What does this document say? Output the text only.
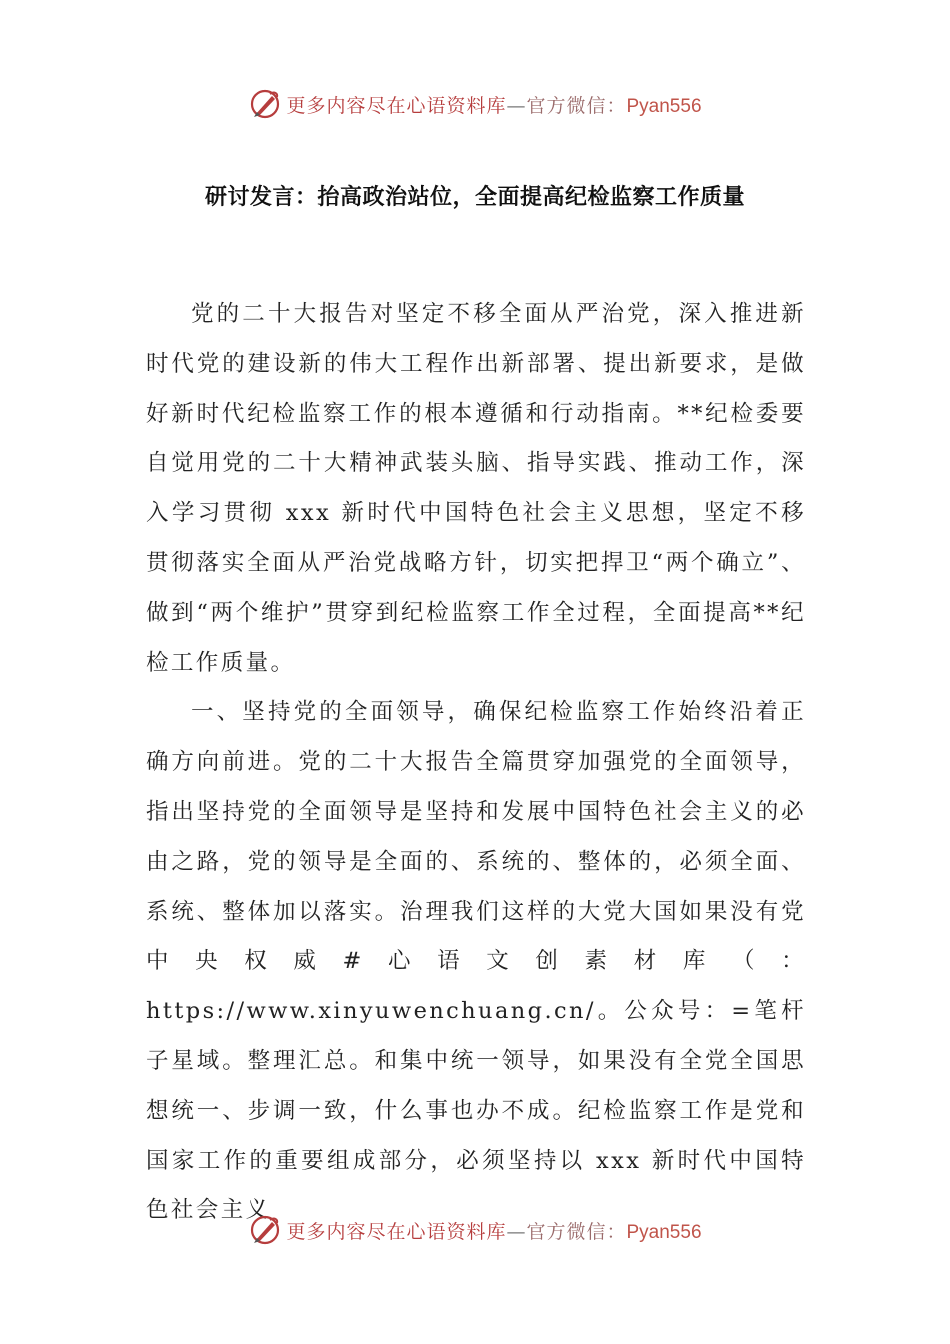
更多内容尽在心语资料库—官方微信：Pyan556
研讨发言：抬高政治站位，全面提高纪检监察工作质量

党的二十大报告对坚定不移全面从严治党，深入推进新时代党的建设新的伟大工程作出新部署、提出新要求，是做好新时代纪检监察工作的根本遵循和行动指南。**纪检委要自觉用党的二十大精神武装头脑、指导实践、推动工作，深入学习贯彻 xxx 新时代中国特色社会主义思想，坚定不移贯彻落实全面从严治党战略方针，切实把捍卫“两个确立”、做到“两个维护”贯穿到纪检监察工作全过程，全面提高**纪检工作质量。

一、坚持党的全面领导，确保纪检监察工作始终沿着正确方向前进。党的二十大报告全篇贯穿加强党的全面领导，指出坚持党的全面领导是坚持和发展中国特色社会主义的必由之路，党的领导是全面的、系统的、整体的，必须全面、系统、整体加以落实。治理我们这样的大党大国如果没有党中央权威#心语文创素材库（：https://www.xinyuwenchuang.cn/。公众号：=笔杆子星域。整理汇总。和集中统一领导，如果没有全党全国思想统一、步调一致，什么事也办不成。纪检监察工作是党和国家工作的重要组成部分，必须坚持以 xxx 新时代中国特色社会主义

更多内容尽在心语资料库—官方微信：Pyan556
